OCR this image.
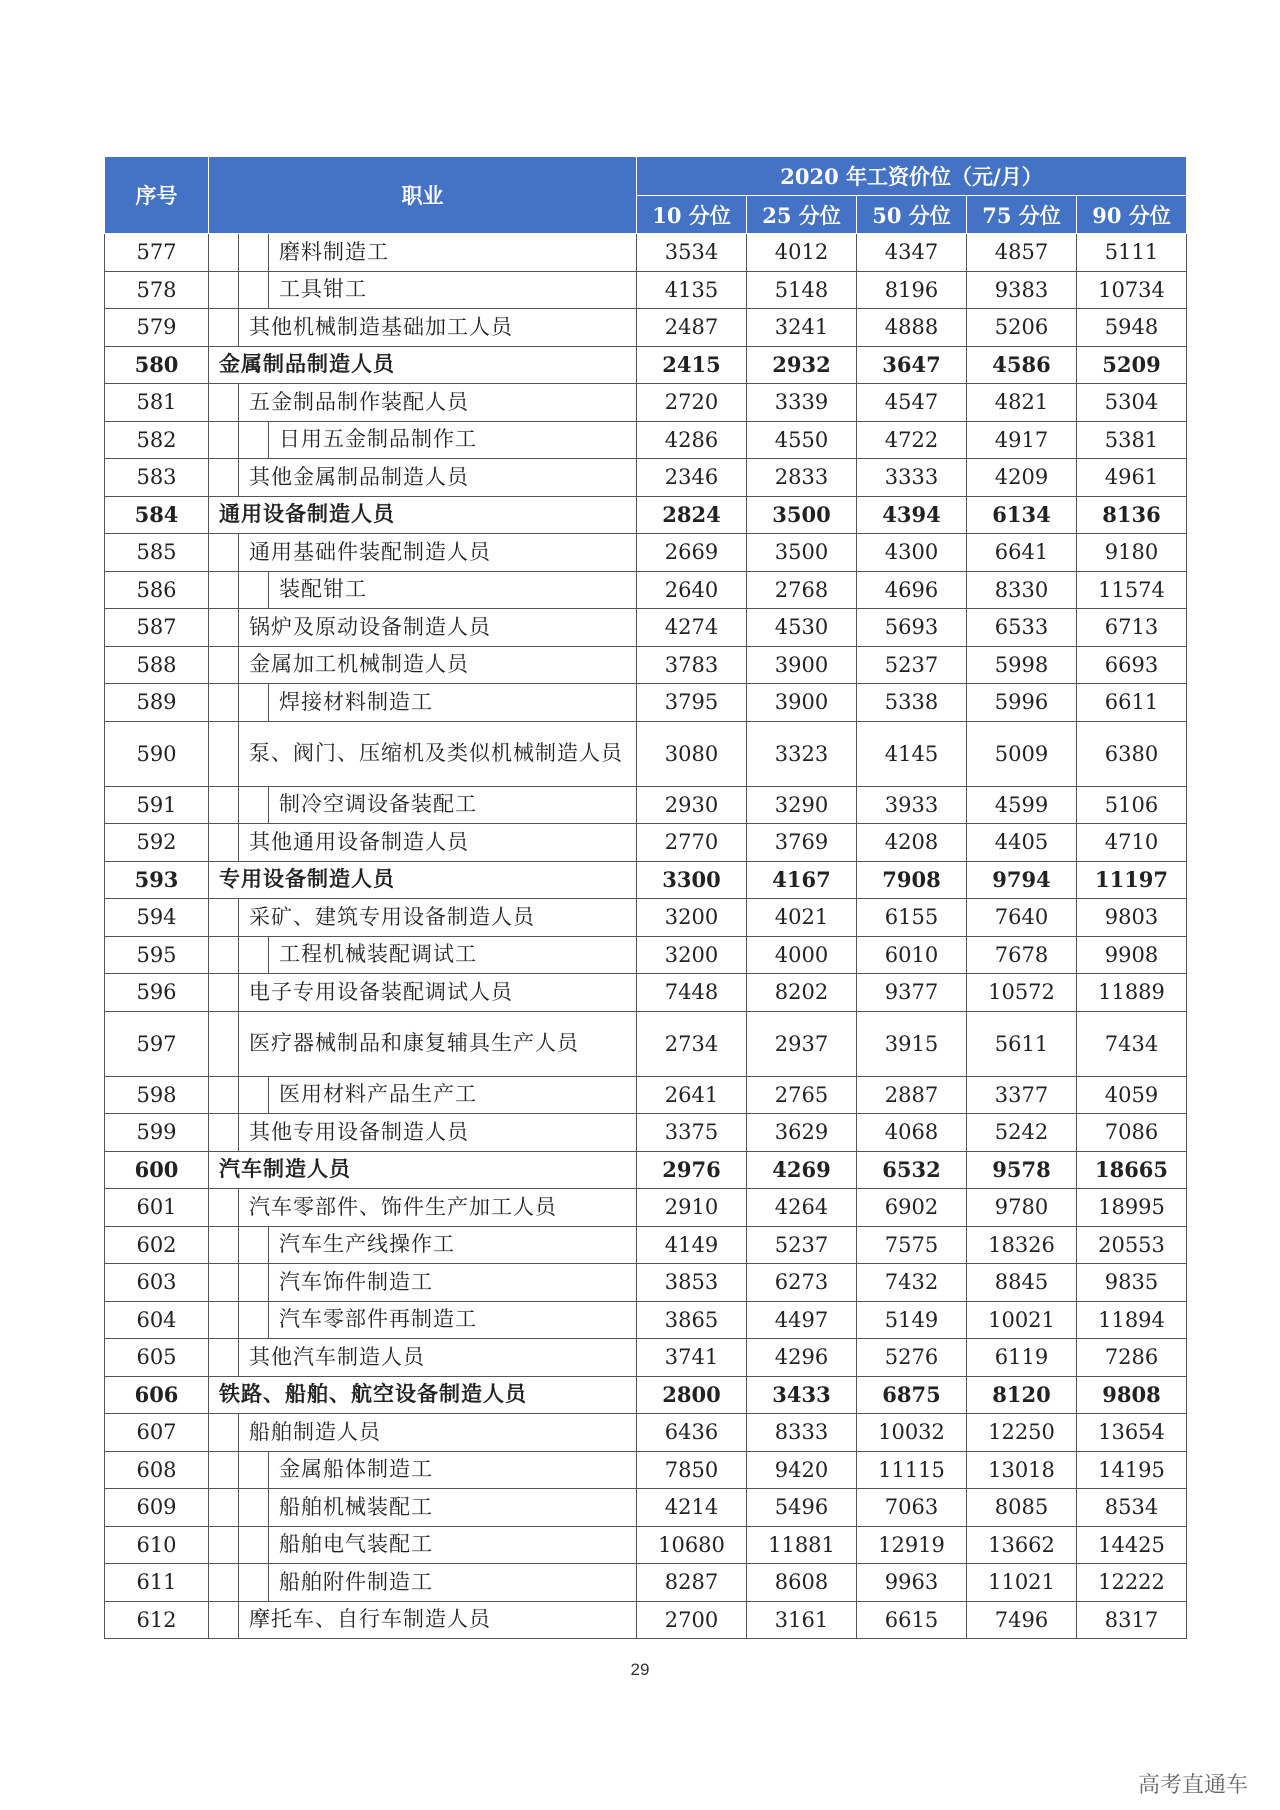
序号	职业	2020 年工资价位（元/月）				
		10 分位	25 分位	50 分位	75 分位	90 分位
577	磨料制造工	3534	4012	4347	4857	5111
578	工具钳工	4135	5148	8196	9383	10734
579	其他机械制造基础加工人员	2487	3241	4888	5206	5948
580	金属制品制造人员	2415	2932	3647	4586	5209
581	五金制品制作装配人员	2720	3339	4547	4821	5304
582	日用五金制品制作工	4286	4550	4722	4917	5381
583	其他金属制品制造人员	2346	2833	3333	4209	4961
584	通用设备制造人员	2824	3500	4394	6134	8136
585	通用基础件装配制造人员	2669	3500	4300	6641	9180
586	装配钳工	2640	2768	4696	8330	11574
587	锅炉及原动设备制造人员	4274	4530	5693	6533	6713
588	金属加工机械制造人员	3783	3900	5237	5998	6693
589	焊接材料制造工	3795	3900	5338	5996	6611
590	泵、阀门、压缩机及类似机械制造人员	3080	3323	4145	5009	6380
591	制冷空调设备装配工	2930	3290	3933	4599	5106
592	其他通用设备制造人员	2770	3769	4208	4405	4710
593	专用设备制造人员	3300	4167	7908	9794	11197
594	采矿、建筑专用设备制造人员	3200	4021	6155	7640	9803
595	工程机械装配调试工	3200	4000	6010	7678	9908
596	电子专用设备装配调试人员	7448	8202	9377	10572	11889
597	医疗器械制品和康复辅具生产人员	2734	2937	3915	5611	7434
598	医用材料产品生产工	2641	2765	2887	3377	4059
599	其他专用设备制造人员	3375	3629	4068	5242	7086
600	汽车制造人员	2976	4269	6532	9578	18665
601	汽车零部件、饰件生产加工人员	2910	4264	6902	9780	18995
602	汽车生产线操作工	4149	5237	7575	18326	20553
603	汽车饰件制造工	3853	6273	7432	8845	9835
604	汽车零部件再制造工	3865	4497	5149	10021	11894
605	其他汽车制造人员	3741	4296	5276	6119	7286
606	铁路、船舶、航空设备制造人员	2800	3433	6875	8120	9808
607	船舶制造人员	6436	8333	10032	12250	13654
608	金属船体制造工	7850	9420	11115	13018	14195
609	船舶机械装配工	4214	5496	7063	8085	8534
610	船舶电气装配工	10680	11881	12919	13662	14425
611	船舶附件制造工	8287	8608	9963	11021	12222
612	摩托车、自行车制造人员	2700	3161	6615	7496	8317
29
高考直通车
